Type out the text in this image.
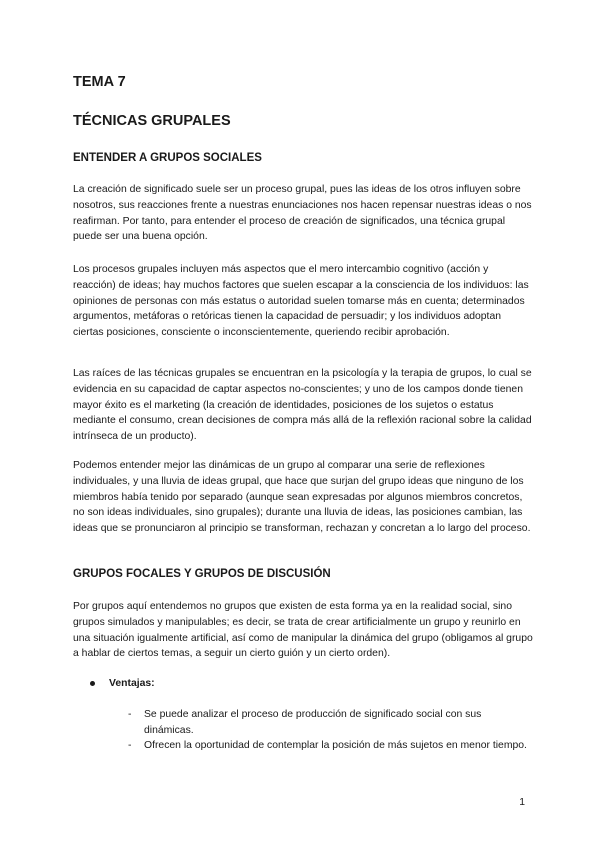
TEMA 7
TÉCNICAS GRUPALES
ENTENDER A GRUPOS SOCIALES

La creación de significado suele ser un proceso grupal, pues las ideas de los otros influyen sobre nosotros, sus reacciones frente a nuestras enunciaciones nos hacen repensar nuestras ideas o nos reafirman. Por tanto, para entender el proceso de creación de significados, una técnica grupal puede ser una buena opción.

Los procesos grupales incluyen más aspectos que el mero intercambio cognitivo (acción y reacción) de ideas; hay muchos factores que suelen escapar a la consciencia de los individuos: las opiniones de personas con más estatus o autoridad suelen tomarse más en cuenta; determinados argumentos, metáforas o retóricas tienen la capacidad de persuadir; y los individuos adoptan ciertas posiciones, consciente o inconscientemente, queriendo recibir aprobación.

Las raíces de las técnicas grupales se encuentran en la psicología y la terapia de grupos, lo cual se evidencia en su capacidad de captar aspectos no-conscientes; y uno de los campos donde tienen mayor éxito es el marketing (la creación de identidades, posiciones de los sujetos o estatus mediante el consumo, crean decisiones de compra más allá de la reflexión racional sobre la calidad intrínseca de un producto).

Podemos entender mejor las dinámicas de un grupo al comparar una serie de reflexiones individuales, y una lluvia de ideas grupal, que hace que surjan del grupo ideas que ninguno de los miembros había tenido por separado (aunque sean expresadas por algunos miembros concretos, no son ideas individuales, sino grupales); durante una lluvia de ideas, las posiciones cambian, las ideas que se pronunciaron al principio se transforman, rechazan y concretan a lo largo del proceso.

GRUPOS FOCALES Y GRUPOS DE DISCUSIÓN

Por grupos aquí entendemos no grupos que existen de esta forma ya en la realidad social, sino grupos simulados y manipulables; es decir, se trata de crear artificialmente un grupo y reunirlo en una situación igualmente artificial, así como de manipular la dinámica del grupo (obligamos al grupo a hablar de ciertos temas, a seguir un cierto guión y un cierto orden).

Ventajas:
-	Se puede analizar el proceso de producción de significado social con sus dinámicas.
-	Ofrecen la oportunidad de contemplar la posición de más sujetos en menor tiempo.
1
